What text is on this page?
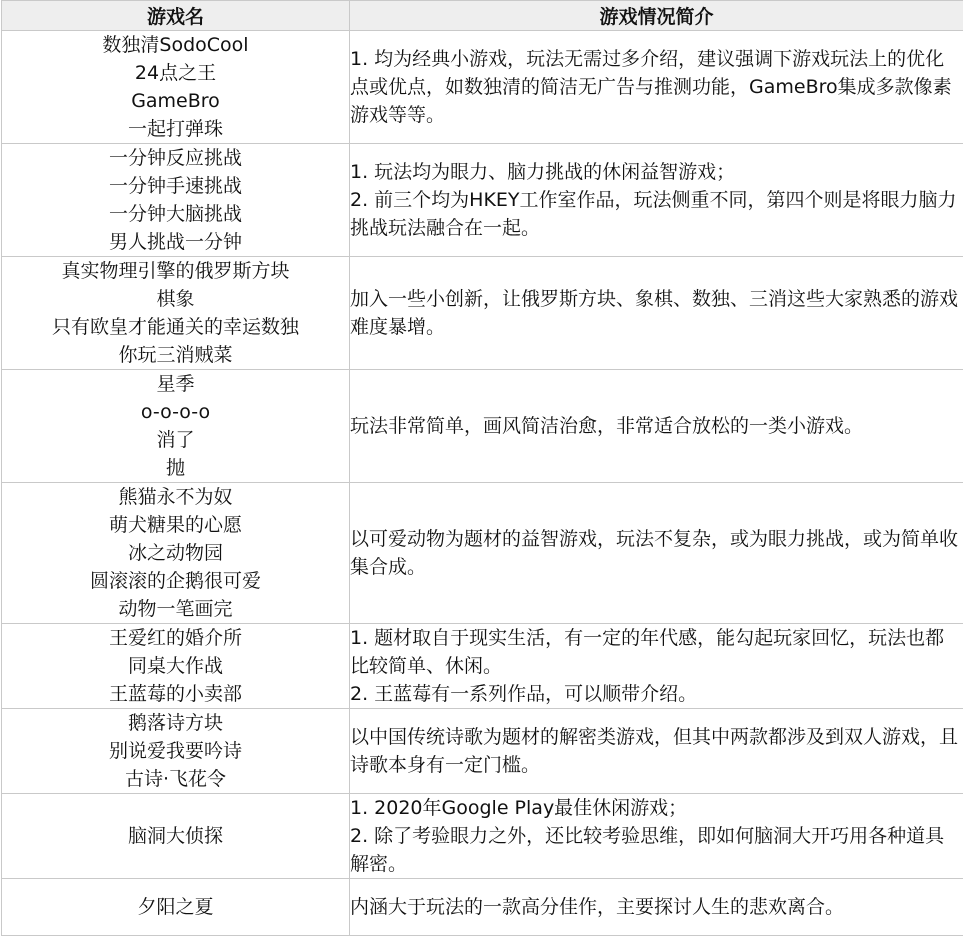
游戏名	游戏情况简介

数独清SodoCool
24点之王
GameBro
一起打弹珠	1. 均为经典小游戏，玩法无需过多介绍，建议强调下游戏玩法上的优化点或优点，如数独清的简洁无广告与推测功能，GameBro集成多款像素游戏等等。

一分钟反应挑战
一分钟手速挑战
一分钟大脑挑战
男人挑战一分钟	1. 玩法均为眼力、脑力挑战的休闲益智游戏；
2. 前三个均为HKEY工作室作品，玩法侧重不同，第四个则是将眼力脑力挑战玩法融合在一起。

真实物理引擎的俄罗斯方块
棋象
只有欧皇才能通关的幸运数独
你玩三消贼菜	加入一些小创新，让俄罗斯方块、象棋、数独、三消这些大家熟悉的游戏难度暴增。

星季
o-o-o-o
消了
抛	玩法非常简单，画风简洁治愈，非常适合放松的一类小游戏。

熊猫永不为奴
萌犬糖果的心愿
冰之动物园
圆滚滚的企鹅很可爱
动物一笔画完	以可爱动物为题材的益智游戏，玩法不复杂，或为眼力挑战，或为简单收集合成。

王爱红的婚介所
同桌大作战
王蓝莓的小卖部	1. 题材取自于现实生活，有一定的年代感，能勾起玩家回忆，玩法也都比较简单、休闲。
2. 王蓝莓有一系列作品，可以顺带介绍。

鹅落诗方块
别说爱我要吟诗
古诗·飞花令	以中国传统诗歌为题材的解密类游戏，但其中两款都涉及到双人游戏，且诗歌本身有一定门槛。

脑洞大侦探	1. 2020年Google Play最佳休闲游戏；
2. 除了考验眼力之外，还比较考验思维，即如何脑洞大开巧用各种道具解密。

夕阳之夏	内涵大于玩法的一款高分佳作，主要探讨人生的悲欢离合。
